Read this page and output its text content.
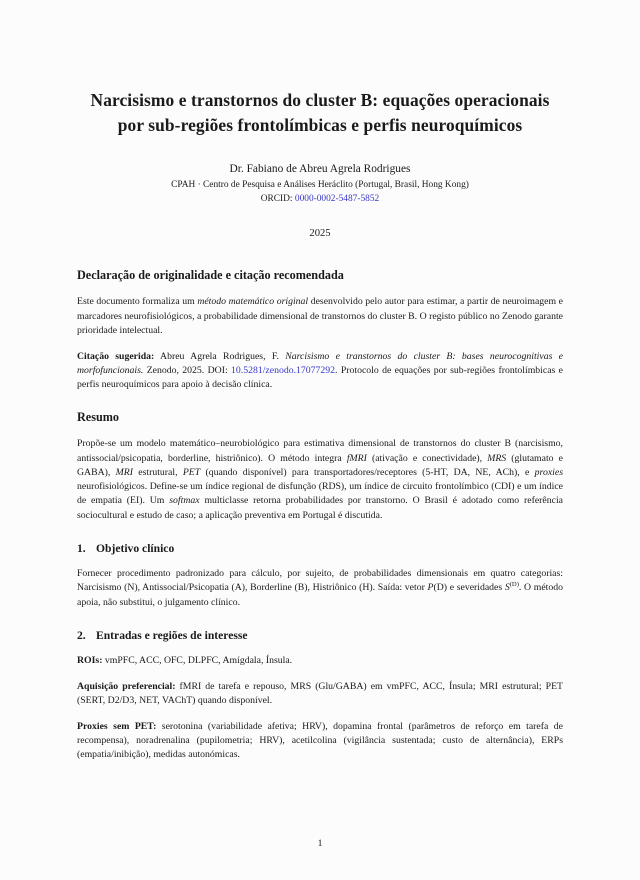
Narcisismo e transtornos do cluster B: equações operacionais por sub-regiões frontolímbicas e perfis neuroquímicos
Dr. Fabiano de Abreu Agrela Rodrigues
CPAH · Centro de Pesquisa e Análises Heráclito (Portugal, Brasil, Hong Kong)
ORCID: 0000-0002-5487-5852
2025
Declaração de originalidade e citação recomendada

Este documento formaliza um método matemático original desenvolvido pelo autor para estimar, a partir de neuroimagem e marcadores neurofisiológicos, a probabilidade dimensional de transtornos do cluster B. O registo público no Zenodo garante prioridade intelectual.

Citação sugerida: Abreu Agrela Rodrigues, F. Narcisismo e transtornos do cluster B: bases neurocognitivas e morfofuncionais. Zenodo, 2025. DOI: 10.5281/zenodo.17077292. Protocolo de equações por sub-regiões frontolímbicas e perfis neuroquímicos para apoio à decisão clínica.

Resumo

Propõe-se um modelo matemático–neurobiológico para estimativa dimensional de transtornos do cluster B (narcisismo, antissocial/psicopatia, borderline, histriônico). O método integra fMRI (ativação e conectividade), MRS (glutamato e GABA), MRI estrutural, PET (quando disponível) para transportadores/receptores (5-HT, DA, NE, ACh), e proxies neurofisiológicos. Define-se um índice regional de disfunção (RDS), um índice de circuito frontolímbico (CDI) e um índice de empatia (EI). Um softmax multiclasse retorna probabilidades por transtorno. O Brasil é adotado como referência sociocultural e estudo de caso; a aplicação preventiva em Portugal é discutida.

1. Objetivo clínico

Fornecer procedimento padronizado para cálculo, por sujeito, de probabilidades dimensionais em quatro categorias: Narcisismo (N), Antissocial/Psicopatia (A), Borderline (B), Histriônico (H). Saída: vetor P(D) e severidades $S^{(D)}$. O método apoia, não substitui, o julgamento clínico.

2. Entradas e regiões de interesse

ROIs: vmPFC, ACC, OFC, DLPFC, Amígdala, Ínsula.

Aquisição preferencial: fMRI de tarefa e repouso, MRS (Glu/GABA) em vmPFC, ACC, Ínsula; MRI estrutural; PET (SERT, D2/D3, NET, VAChT) quando disponível.

Proxies sem PET: serotonina (variabilidade afetiva; HRV), dopamina frontal (parâmetros de reforço em tarefa de recompensa), noradrenalina (pupilometria; HRV), acetilcolina (vigilância sustentada; custo de alternância), ERPs (empatia/inibição), medidas autonómicas.

1
